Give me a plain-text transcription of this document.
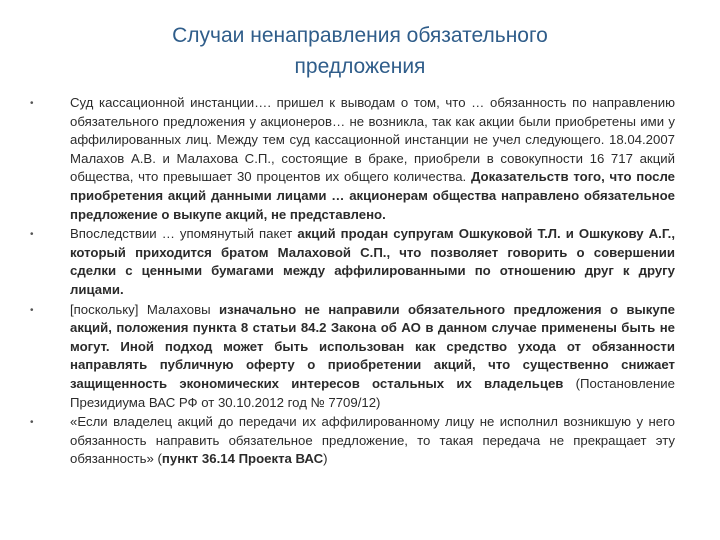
Случаи ненаправления обязательного
предложения
•	Суд кассационной инстанции…. пришел к выводам о том, что … обязанность по направлению обязательного предложения у акционеров… не возникла, так как акции были приобретены ими у аффилированных лиц. Между тем суд кассационной инстанции не учел следующего. 18.04.2007 Малахов А.В. и Малахова С.П., состоящие в браке, приобрели в совокупности 16 717 акций общества, что превышает 30 процентов их общего количества. Доказательств того, что после приобретения акций данными лицами … акционерам общества направлено обязательное предложение о выкупе акций, не представлено.
•	Впоследствии … упомянутый пакет акций продан супругам Ошкуковой Т.Л. и Ошкукову А.Г., который приходится братом Малаховой С.П., что позволяет говорить о совершении сделки с ценными бумагами между аффилированными по отношению друг к другу лицами.
•	[поскольку] Малаховы изначально не направили обязательного предложения о выкупе акций, положения пункта 8 статьи 84.2 Закона об АО в данном случае применены быть не могут. Иной подход может быть использован как средство ухода от обязанности направлять публичную оферту о приобретении акций, что существенно снижает защищенность экономических интересов остальных их владельцев (Постановление Президиума ВАС РФ от 30.10.2012 год № 7709/12)
•	«Если владелец акций до передачи их аффилированному лицу не исполнил возникшую у него обязанность направить обязательное предложение, то такая передача не прекращает эту обязанность» (пункт 36.14 Проекта ВАС)
